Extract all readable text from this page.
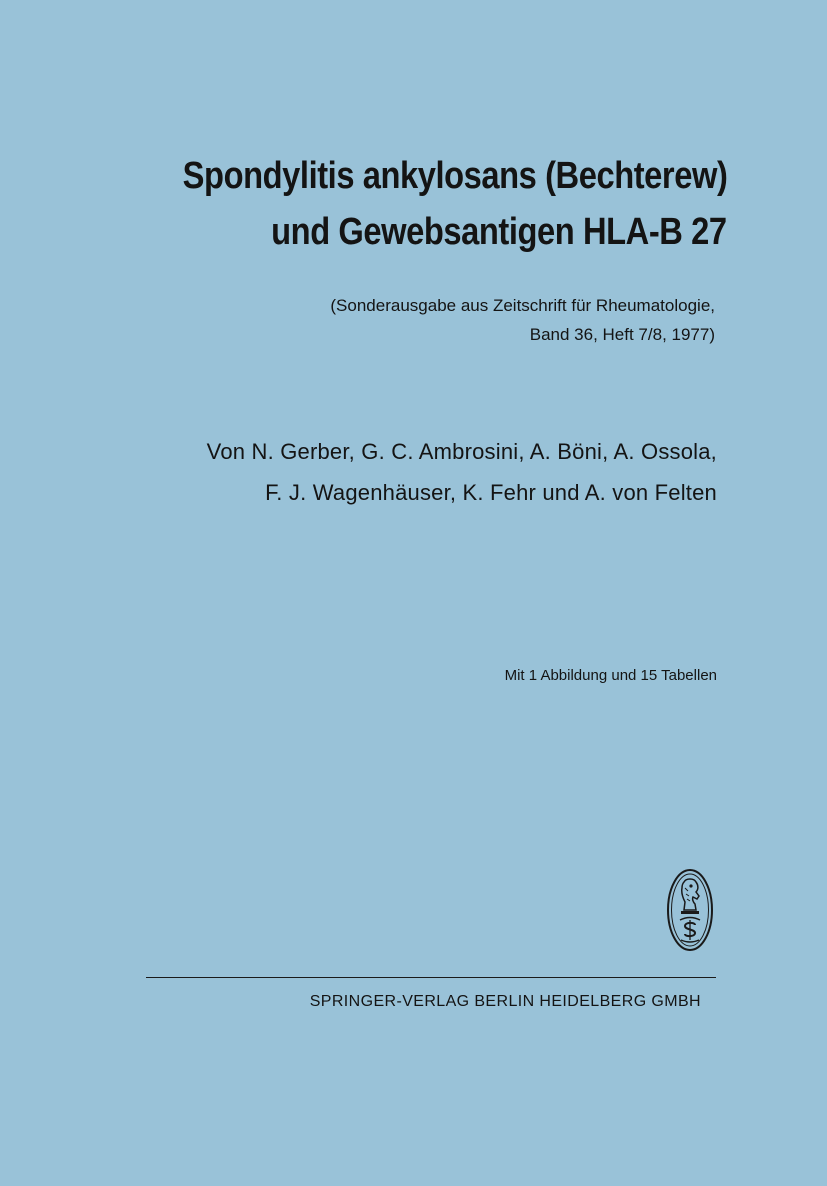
Spondylitis ankylosans (Bechterew)
und Gewebsantigen HLA-B 27
(Sonderausgabe aus Zeitschrift für Rheumatologie,
Band 36, Heft 7/8, 1977)
Von N. Gerber, G. C. Ambrosini, A. Böni, A. Ossola,
F. J. Wagenhäuser, K. Fehr und A. von Felten
Mit 1 Abbildung und 15 Tabellen
SPRINGER-VERLAG BERLIN HEIDELBERG GMBH
